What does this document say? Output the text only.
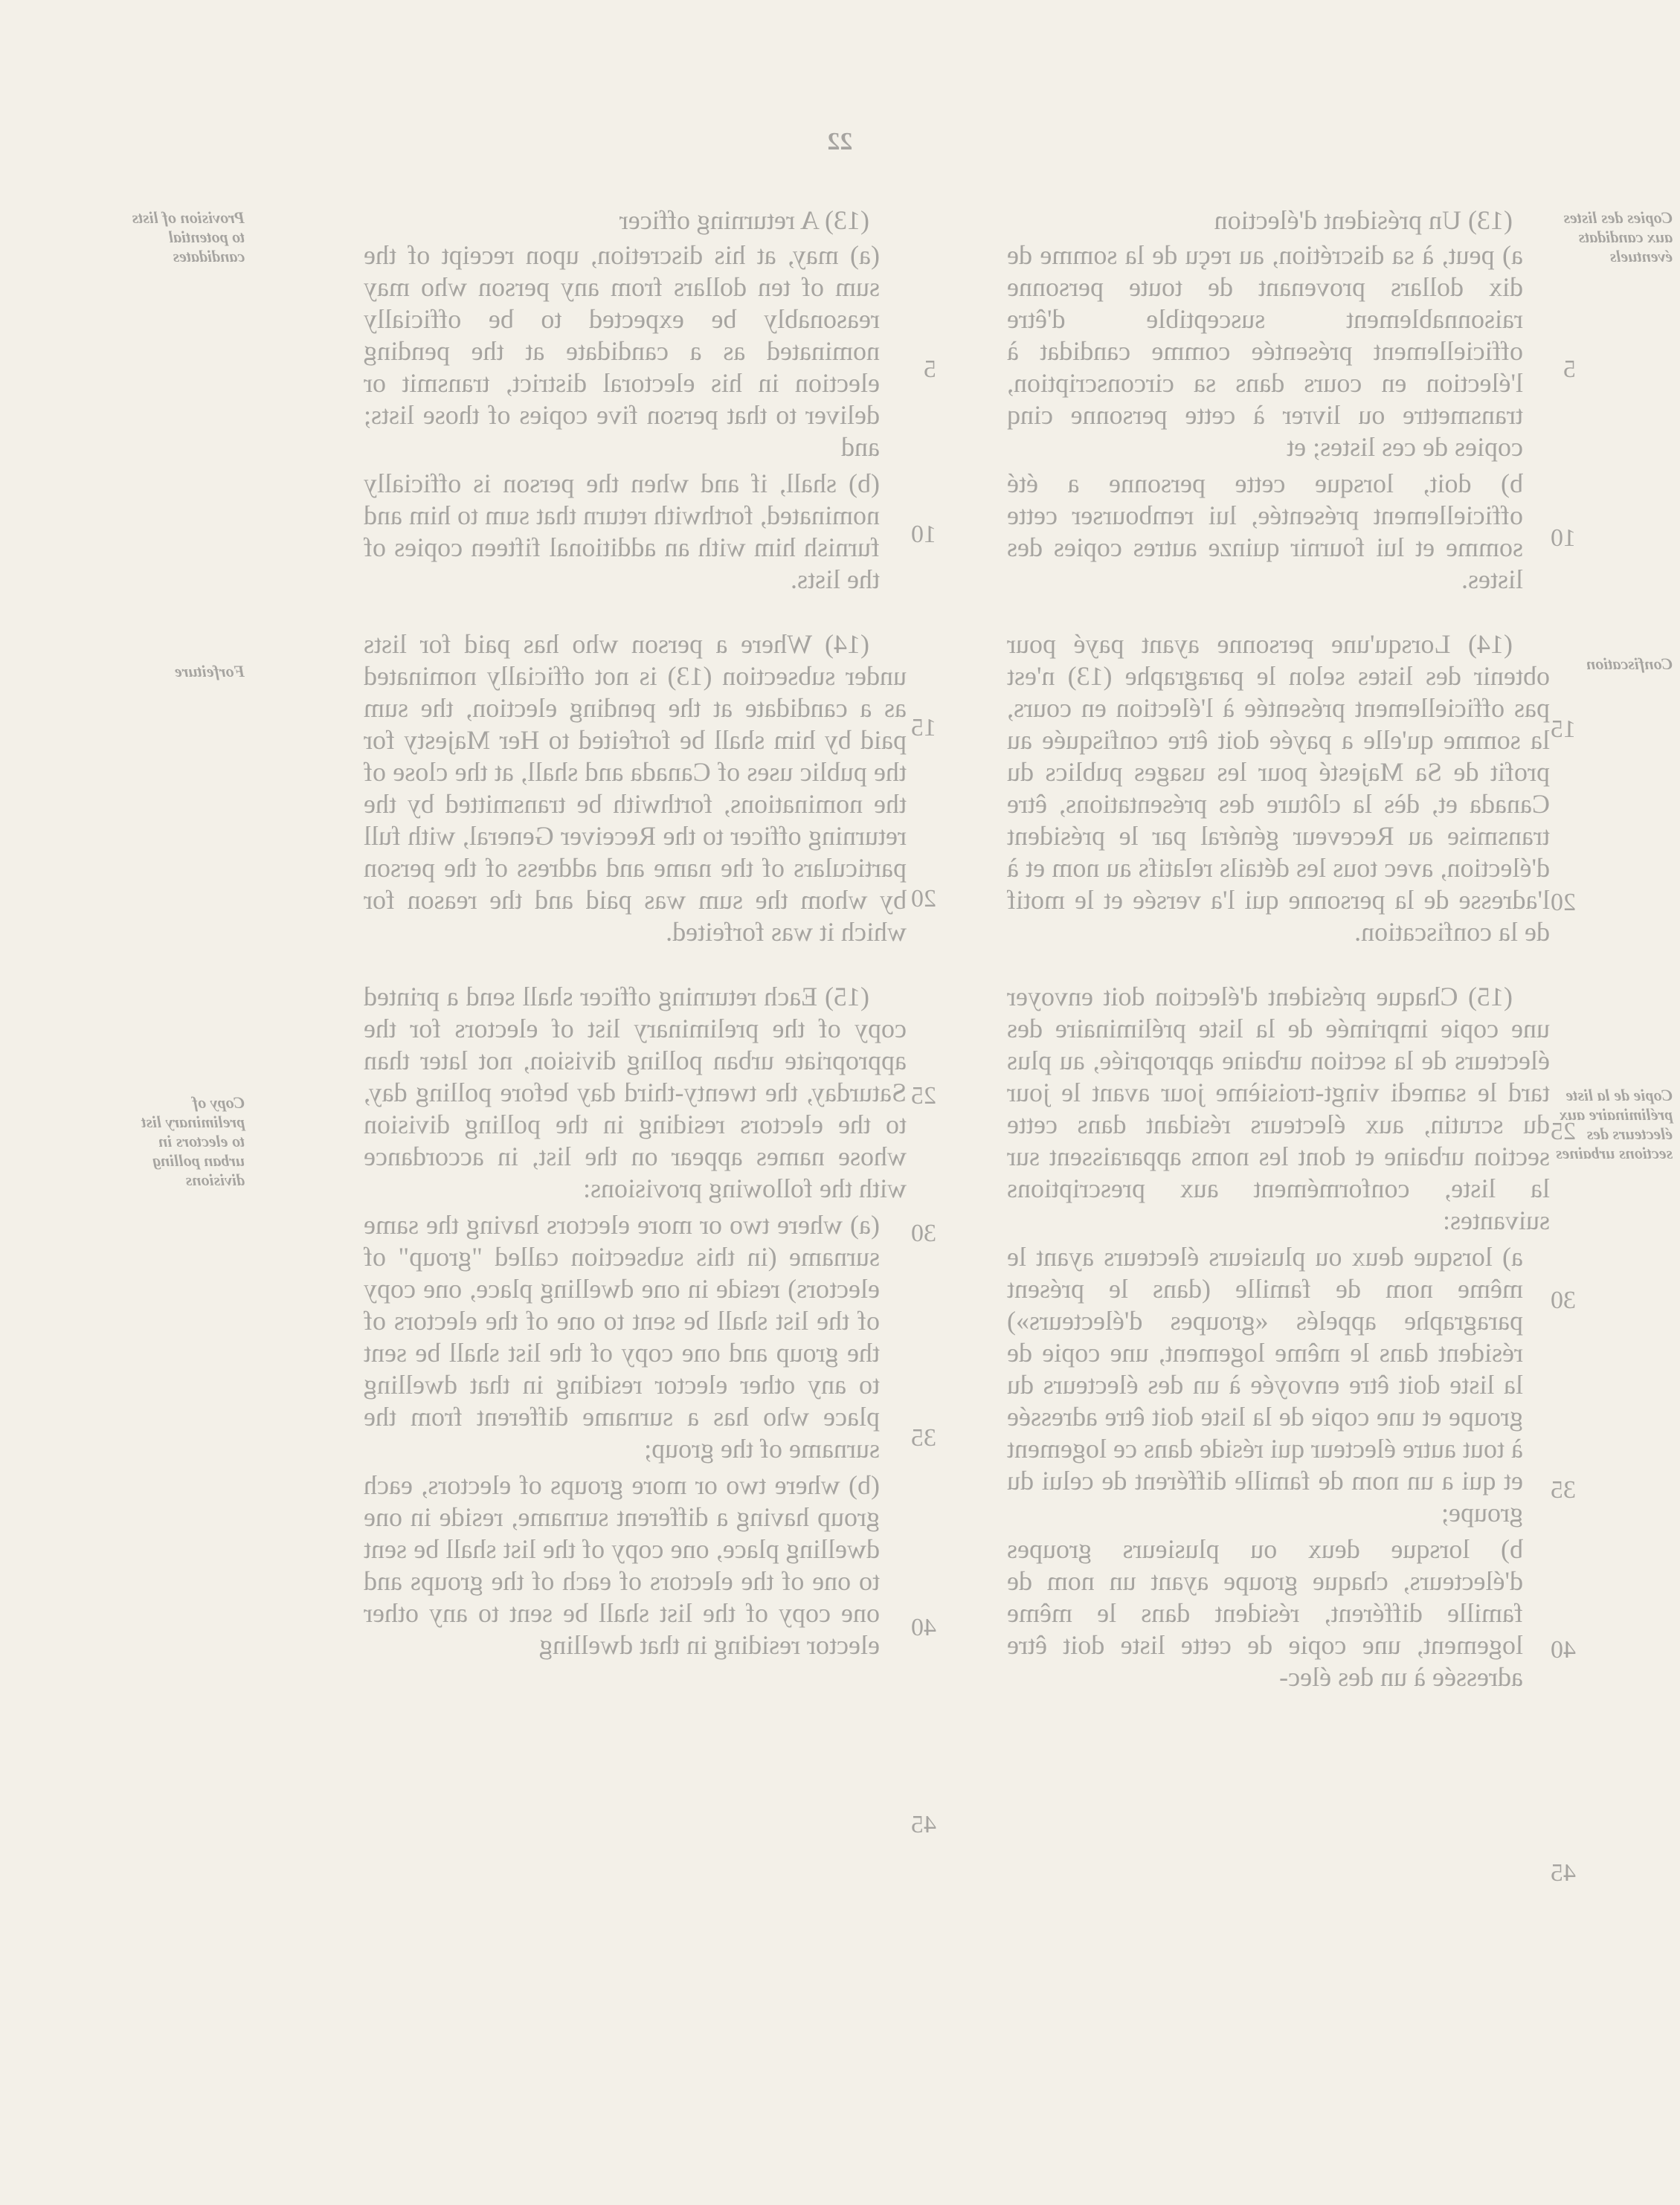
22

(13) A returning officer

(a) may, at his discretion, upon receipt of the sum of ten dollars from any person who may reasonably be expected to be officially nominated as a candidate at the pending election in his electoral district, transmit or deliver to that person five copies of those lists; and

(b) shall, if and when the person is officially nominated, forthwith return that sum to him and furnish him with an additional fifteen copies of the lists.

(14) Where a person who has paid for lists under subsection (13) is not officially nominated as a candidate at the pending election, the sum paid by him shall be forfeited to Her Majesty for the public uses of Canada and shall, at the close of the nominations, forthwith be transmitted by the returning officer to the Receiver General, with full particulars of the name and address of the person by whom the sum was paid and the reason for which it was forfeited.

(15) Each returning officer shall send a printed copy of the preliminary list of electors for the appropriate urban polling division, not later than Saturday, the twenty-third day before polling day, to the electors residing in the polling division whose names appear on the list, in accordance with the following provisions:

(a) where two or more electors having the same surname (in this subsection called "group" of electors) reside in one dwelling place, one copy of the list shall be sent to one of the electors of the group and one copy of the list shall be sent to any other elector residing in that dwelling place who has a surname different from the surname of the group;

(b) where two or more groups of electors, each group having a different surname, reside in one dwelling place, one copy of the list shall be sent to one of the electors of each of the groups and one copy of the list shall be sent to any other elector residing in that dwelling

(13) Un président d'élection

a) peut, à sa discrétion, au reçu de la somme de dix dollars provenant de toute personne raisonnablement susceptible d'être officiellement présentée comme candidat à l'élection en cours dans sa circonscription, transmettre ou livrer à cette personne cinq copies de ces listes; et

b) doit, lorsque cette personne a été officiellement présentée, lui rembourser cette somme et lui fournir quinze autres copies des listes.

(14) Lorsqu'une personne ayant payé pour obtenir des listes selon le paragraphe (13) n'est pas officiellement présentée à l'élection en cours, la somme qu'elle a payée doit être confisquée au profit de Sa Majesté pour les usages publics du Canada et, dès la clôture des présentations, être transmise au Receveur général par le président d'élection, avec tous les détails relatifs au nom et à l'adresse de la personne qui l'a versée et le motif de la confiscation.

(15) Chaque président d'élection doit envoyer une copie imprimée de la liste préliminaire des électeurs de la section urbaine appropriée, au plus tard le samedi vingt-troisième jour avant le jour du scrutin, aux électeurs résidant dans cette section urbaine et dont les noms apparaissent sur la liste, conformément aux prescriptions suivantes:

a) lorsque deux ou plusieurs électeurs ayant le même nom de famille (dans le présent paragraphe appelés «groupes d'électeurs») résident dans le même logement, une copie de la liste doit être envoyée à un des électeurs du groupe et une copie de la liste doit être adressée à tout autre électeur qui réside dans ce logement et qui a un nom de famille différent de celui du groupe;

b) lorsque deux ou plusieurs groupes d'électeurs, chaque groupe ayant un nom de famille différent, résident dans le même logement, une copie de cette liste doit être adressée à un des élec-

Provision of lists to potential candidates
Forfeiture
Copy of preliminary list to electors in urban polling divisions
Copies des listes aux candidats éventuels
Confiscation
Copie de la liste préliminaire aux électeurs des sections urbaines
5
10
15
20
25
30
35
40
45
5
10
15
20
25
30
35
40
45
